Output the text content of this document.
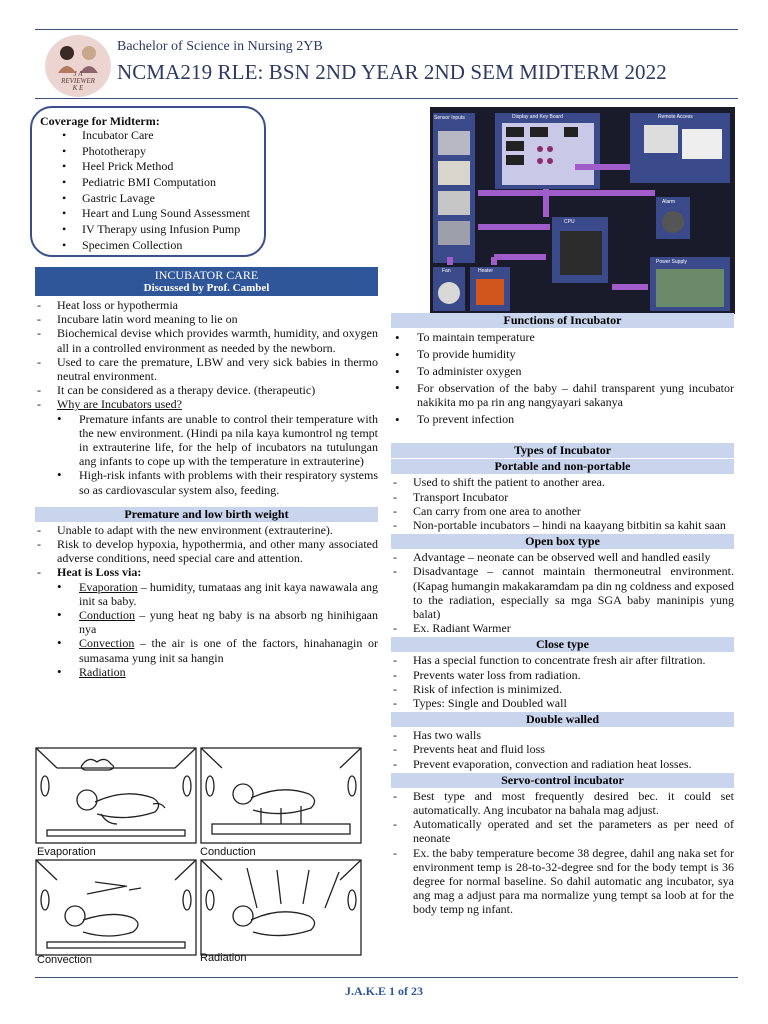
J A
REVIEWER
K E
Bachelor of Science in Nursing 2YB
NCMA219 RLE: BSN 2ND YEAR 2ND SEM MIDTERM 2022
Coverage for Midterm:
• Incubator Care
• Phototherapy
• Heel Prick Method
• Pediatric BMI Computation
• Gastric Lavage
• Heart and Lung Sound Assessment
• IV Therapy using Infusion Pump
• Specimen Collection
INCUBATOR CARE
Discussed by Prof. Cambel
- Heat loss or hypothermia
- Incubare latin word meaning to lie on
- Biochemical devise which provides warmth, humidity, and oxygen all in a controlled environment as needed by the newborn.
- Used to care the premature, LBW and very sick babies in thermo neutral environment.
- It can be considered as a therapy device. (therapeutic)
- Why are Incubators used?
• Premature infants are unable to control their temperature with the new environment. (Hindi pa nila kaya kumontrol ng tempt in extrauterine life, for the help of incubators na tutulungan ang infants to cope up with the temperature in extrauterine)
• High-risk infants with problems with their respiratory systems so as cardiovascular system also, feeding.
Premature and low birth weight
- Unable to adapt with the new environment (extrauterine).
- Risk to develop hypoxia, hypothermia, and other many associated adverse conditions, need special care and attention.
- Heat is Loss via:
• Evaporation – humidity, tumataas ang init kaya nawawala ang init sa baby.
• Conduction – yung heat ng baby is na absorb ng hinihigaan nya
• Convection – the air is one of the factors, hinahanagin or sumasama yung init sa hangin
• Radiation
Evaporation	Conduction
Convection	Radiation
Sensor Inputs	Display and Key Board	Remote Access
Alarm
CPU
Fan	Heater
Power Supply
Functions of Incubator
• To maintain temperature
• To provide humidity
• To administer oxygen
• For observation of the baby – dahil transparent yung incubator nakikita mo pa rin ang nangyayari sakanya
• To prevent infection
Types of Incubator
Portable and non-portable
- Used to shift the patient to another area.
- Transport Incubator
- Can carry from one area to another
- Non-portable incubators – hindi na kaayang bitbitin sa kahit saan
Open box type
- Advantage – neonate can be observed well and handled easily
- Disadvantage – cannot maintain thermoneutral environment. (Kapag humangin makakaramdam pa din ng coldness and exposed to the radiation, especially sa mga SGA baby maninipis yung balat)
- Ex. Radiant Warmer
Close type
- Has a special function to concentrate fresh air after filtration.
- Prevents water loss from radiation.
- Risk of infection is minimized.
- Types: Single and Doubled wall
Double walled
- Has two walls
- Prevents heat and fluid loss
- Prevent evaporation, convection and radiation heat losses.
Servo-control incubator
- Best type and most frequently desired bec. it could set automatically. Ang incubator na bahala mag adjust.
- Automatically operated and set the parameters as per need of neonate
- Ex. the baby temperature become 38 degree, dahil ang naka set for environment temp is 28-to-32-degree snd for the body tempt is 36 degree for normal baseline. So dahil automatic ang incubator, sya ang mag a adjust para ma normalize yung tempt sa loob at for the body temp ng infant.
J.A.K.E 1 of 23
